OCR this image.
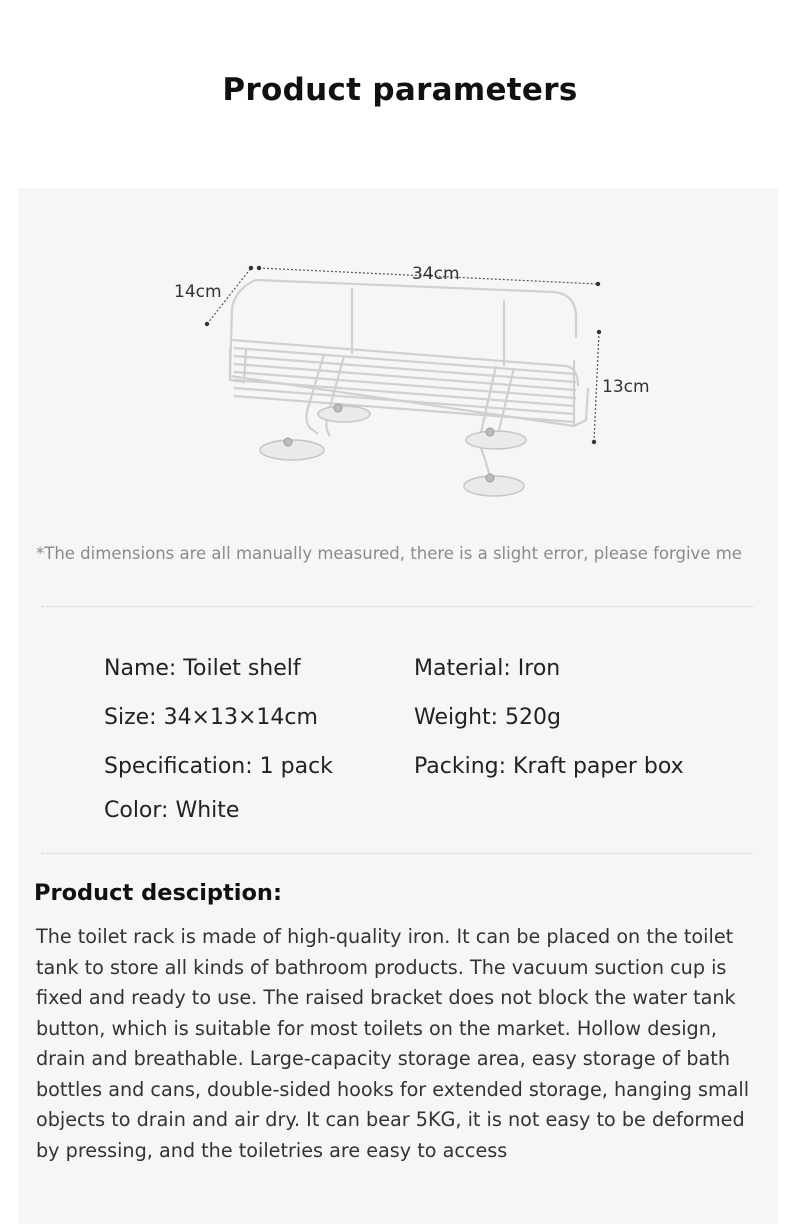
Product parameters
34cm
14cm
13cm
*The dimensions are all manually measured, there is a slight error, please forgive me
Name: Toilet shelf	Material: Iron
Size: 34×13×14cm	Weight: 520g
Specification: 1 pack	Packing: Kraft paper box
Color: White
Product desciption:
The toilet rack is made of high-quality iron. It can be placed on the toilet tank to store all kinds of bathroom products. The vacuum suction cup is fixed and ready to use. The raised bracket does not block the water tank button, which is suitable for most toilets on the market. Hollow design, drain and breathable. Large-capacity storage area, easy storage of bath bottles and cans, double-sided hooks for extended storage, hanging small objects to drain and air dry. It can bear 5KG, it is not easy to be deformed by pressing, and the toiletries are easy to access
